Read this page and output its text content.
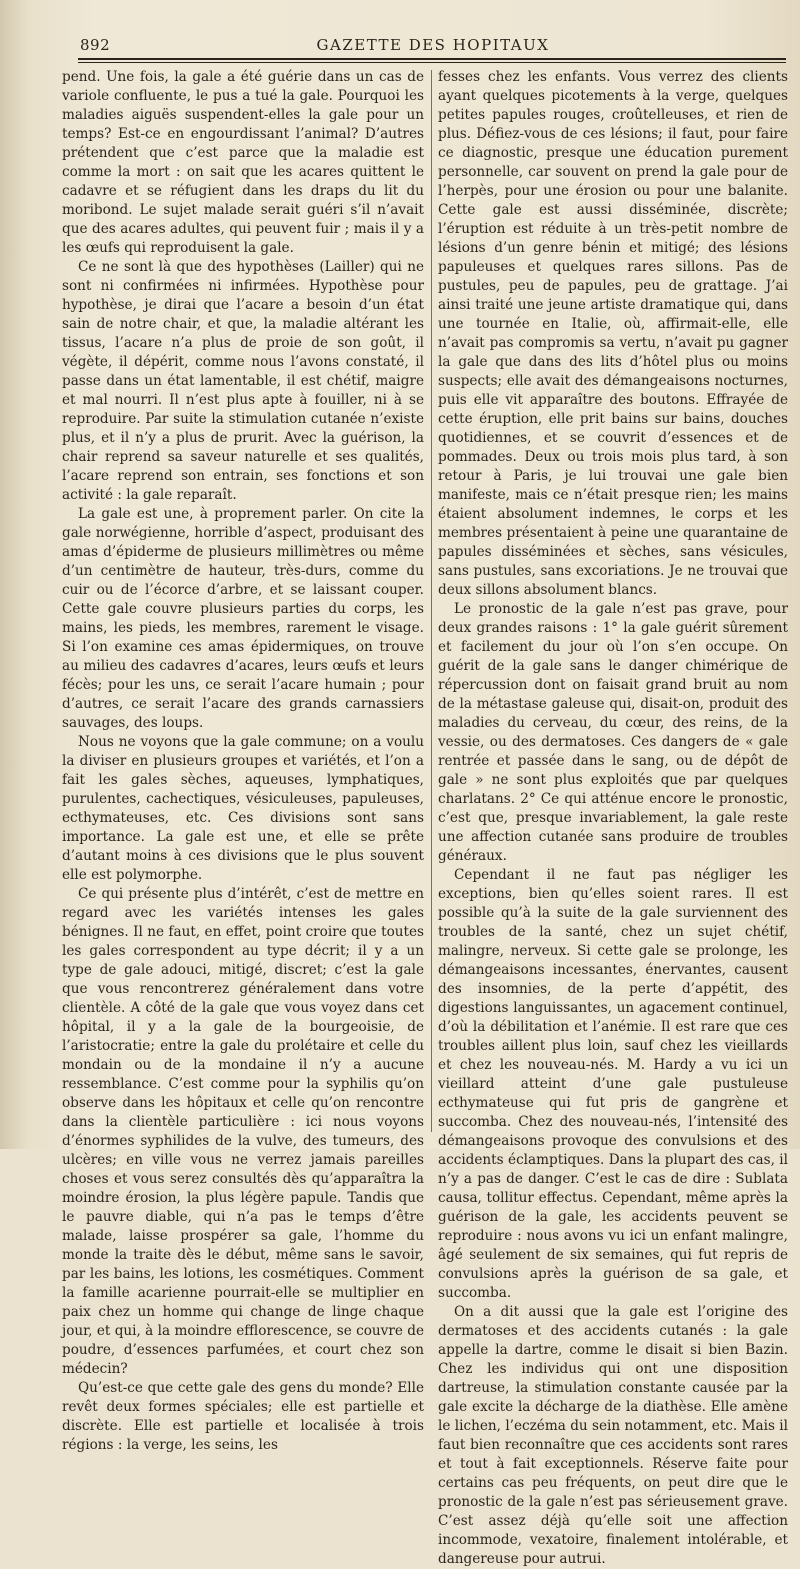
892	GAZETTE DES HOPITAUX

pend. Une fois, la gale a été guérie dans un cas de variole confluente, le pus a tué la gale. Pourquoi les maladies aiguës suspendent-elles la gale pour un temps? Est-ce en engourdissant l’animal? D’autres prétendent que c’est parce que la maladie est comme la mort : on sait que les acares quittent le cadavre et se réfugient dans les draps du lit du moribond. Le sujet malade serait guéri s’il n’avait que des acares adultes, qui peuvent fuir ; mais il y a les œufs qui reproduisent la gale.

Ce ne sont là que des hypothèses (Lailler) qui ne sont ni confirmées ni infirmées. Hypothèse pour hypothèse, je dirai que l’acare a besoin d’un état sain de notre chair, et que, la maladie altérant les tissus, l’acare n’a plus de proie de son goût, il végète, il dépérit, comme nous l’avons constaté, il passe dans un état lamentable, il est chétif, maigre et mal nourri. Il n’est plus apte à fouiller, ni à se reproduire. Par suite la stimulation cutanée n’existe plus, et il n’y a plus de prurit. Avec la guérison, la chair reprend sa saveur naturelle et ses qualités, l’acare reprend son entrain, ses fonctions et son activité : la gale reparaît.

La gale est une, à proprement parler. On cite la gale norwégienne, horrible d’aspect, produisant des amas d’épiderme de plusieurs millimètres ou même d’un centimètre de hauteur, très-durs, comme du cuir ou de l’écorce d’arbre, et se laissant couper. Cette gale couvre plusieurs parties du corps, les mains, les pieds, les membres, rarement le visage. Si l’on examine ces amas épidermiques, on trouve au milieu des cadavres d’acares, leurs œufs et leurs fécès; pour les uns, ce serait l’acare humain ; pour d’autres, ce serait l’acare des grands carnassiers sauvages, des loups.

Nous ne voyons que la gale commune; on a voulu la diviser en plusieurs groupes et variétés, et l’on a fait les gales sèches, aqueuses, lymphatiques, purulentes, cachectiques, vésiculeuses, papuleuses, ecthymateuses, etc. Ces divisions sont sans importance. La gale est une, et elle se prête d’autant moins à ces divisions que le plus souvent elle est polymorphe.

Ce qui présente plus d’intérêt, c’est de mettre en regard avec les variétés intenses les gales bénignes. Il ne faut, en effet, point croire que toutes les gales correspondent au type décrit; il y a un type de gale adouci, mitigé, discret; c’est la gale que vous rencontrerez généralement dans votre clientèle. A côté de la gale que vous voyez dans cet hôpital, il y a la gale de la bourgeoisie, de l’aristocratie; entre la gale du prolétaire et celle du mondain ou de la mondaine il n’y a aucune ressemblance. C’est comme pour la syphilis qu’on observe dans les hôpitaux et celle qu’on rencontre dans la clientèle particulière : ici nous voyons d’énormes syphilides de la vulve, des tumeurs, des ulcères; en ville vous ne verrez jamais pareilles choses et vous serez consultés dès qu’apparaîtra la moindre érosion, la plus légère papule. Tandis que le pauvre diable, qui n’a pas le temps d’être malade, laisse prospérer sa gale, l’homme du monde la traite dès le début, même sans le savoir, par les bains, les lotions, les cosmétiques. Comment la famille acarienne pourrait-elle se multiplier en paix chez un homme qui change de linge chaque jour, et qui, à la moindre efflorescence, se couvre de poudre, d’essences parfumées, et court chez son médecin?

Qu’est-ce que cette gale des gens du monde? Elle revêt deux formes spéciales; elle est partielle et discrète. Elle est partielle et localisée à trois régions : la verge, les seins, les

fesses chez les enfants. Vous verrez des clients ayant quelques picotements à la verge, quelques petites papules rouges, croûtelleuses, et rien de plus. Défiez-vous de ces lésions; il faut, pour faire ce diagnostic, presque une éducation purement personnelle, car souvent on prend la gale pour de l’herpès, pour une érosion ou pour une balanite. Cette gale est aussi disséminée, discrète; l’éruption est réduite à un très-petit nombre de lésions d’un genre bénin et mitigé; des lésions papuleuses et quelques rares sillons. Pas de pustules, peu de papules, peu de grattage. J’ai ainsi traité une jeune artiste dramatique qui, dans une tournée en Italie, où, affirmait-elle, elle n’avait pas compromis sa vertu, n’avait pu gagner la gale que dans des lits d’hôtel plus ou moins suspects; elle avait des démangeaisons nocturnes, puis elle vit apparaître des boutons. Effrayée de cette éruption, elle prit bains sur bains, douches quotidiennes, et se couvrit d’essences et de pommades. Deux ou trois mois plus tard, à son retour à Paris, je lui trouvai une gale bien manifeste, mais ce n’était presque rien; les mains étaient absolument indemnes, le corps et les membres présentaient à peine une quarantaine de papules disséminées et sèches, sans vésicules, sans pustules, sans excoriations. Je ne trouvai que deux sillons absolument blancs.

Le pronostic de la gale n’est pas grave, pour deux grandes raisons : 1° la gale guérit sûrement et facilement du jour où l’on s’en occupe. On guérit de la gale sans le danger chimérique de répercussion dont on faisait grand bruit au nom de la métastase galeuse qui, disait-on, produit des maladies du cerveau, du cœur, des reins, de la vessie, ou des dermatoses. Ces dangers de « gale rentrée et passée dans le sang, ou de dépôt de gale » ne sont plus exploités que par quelques charlatans. 2° Ce qui atténue encore le pronostic, c’est que, presque invariablement, la gale reste une affection cutanée sans produire de troubles généraux.

Cependant il ne faut pas négliger les exceptions, bien qu’elles soient rares. Il est possible qu’à la suite de la gale surviennent des troubles de la santé, chez un sujet chétif, malingre, nerveux. Si cette gale se prolonge, les démangeaisons incessantes, énervantes, causent des insomnies, de la perte d’appétit, des digestions languissantes, un agacement continuel, d’où la débilitation et l’anémie. Il est rare que ces troubles aillent plus loin, sauf chez les vieillards et chez les nouveau-nés. M. Hardy a vu ici un vieillard atteint d’une gale pustuleuse ecthymateuse qui fut pris de gangrène et succomba. Chez des nouveau-nés, l’intensité des démangeaisons provoque des convulsions et des accidents éclamptiques. Dans la plupart des cas, il n’y a pas de danger. C’est le cas de dire : Sublata causa, tollitur effectus. Cependant, même après la guérison de la gale, les accidents peuvent se reproduire : nous avons vu ici un enfant malingre, âgé seulement de six semaines, qui fut repris de convulsions après la guérison de sa gale, et succomba.

On a dit aussi que la gale est l’origine des dermatoses et des accidents cutanés : la gale appelle la dartre, comme le disait si bien Bazin. Chez les individus qui ont une disposition dartreuse, la stimulation constante causée par la gale excite la décharge de la diathèse. Elle amène le lichen, l’eczéma du sein notamment, etc. Mais il faut bien reconnaître que ces accidents sont rares et tout à fait exceptionnels. Réserve faite pour certains cas peu fréquents, on peut dire que le pronostic de la gale n’est pas sérieusement grave. C’est assez déjà qu’elle soit une affection incommode, vexatoire, finalement intolérable, et dangereuse pour autrui.
